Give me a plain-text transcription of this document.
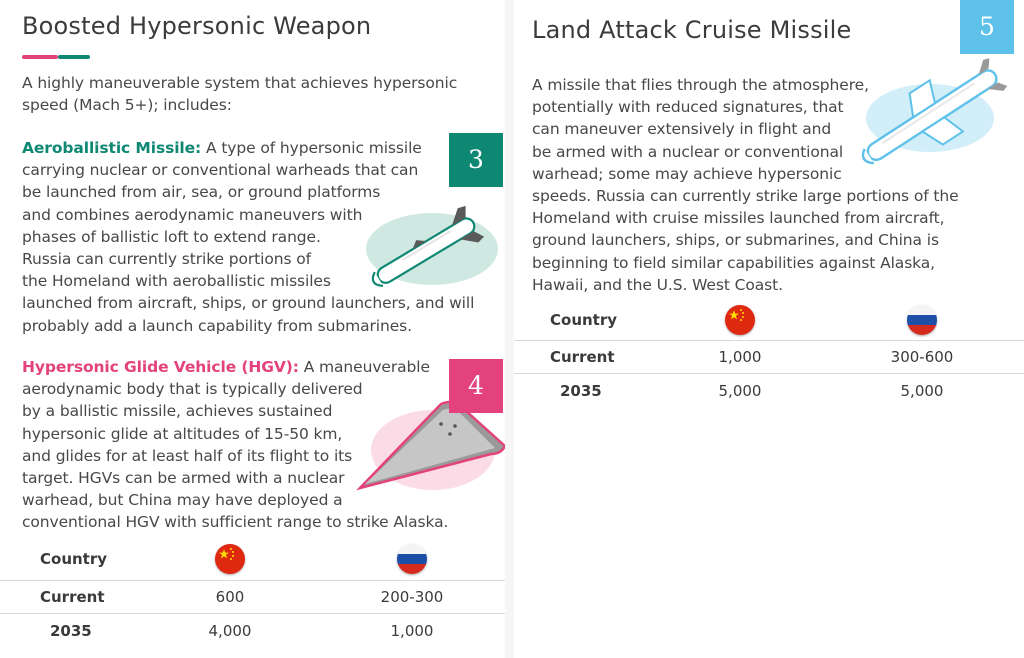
Boosted Hypersonic Weapon
A highly maneuverable system that achieves hypersonic
speed (Mach 5+); includes:
3
Aeroballistic Missile: A type of hypersonic missile
carrying nuclear or conventional warheads that can
be launched from air, sea, or ground platforms
and combines aerodynamic maneuvers with
phases of ballistic loft to extend range.
Russia can currently strike portions of
the Homeland with aeroballistic missiles
launched from aircraft, ships, or ground launchers, and will
probably add a launch capability from submarines.
4
Hypersonic Glide Vehicle (HGV): A maneuverable
aerodynamic body that is typically delivered
by a ballistic missile, achieves sustained
hypersonic glide at altitudes of 15-50 km,
and glides for at least half of its flight to its
target. HGVs can be armed with a nuclear
warhead, but China may have deployed a
conventional HGV with sufficient range to strike Alaska.
Country
Current	600	200-300
2035	4,000	1,000
Land Attack Cruise Missile	5
A missile that flies through the atmosphere,
potentially with reduced signatures, that
can maneuver extensively in flight and
be armed with a nuclear or conventional
warhead; some may achieve hypersonic
speeds. Russia can currently strike large portions of the
Homeland with cruise missiles launched from aircraft,
ground launchers, ships, or submarines, and China is
beginning to field similar capabilities against Alaska,
Hawaii, and the U.S. West Coast.
Country
Current	1,000	300-600
2035	5,000	5,000
